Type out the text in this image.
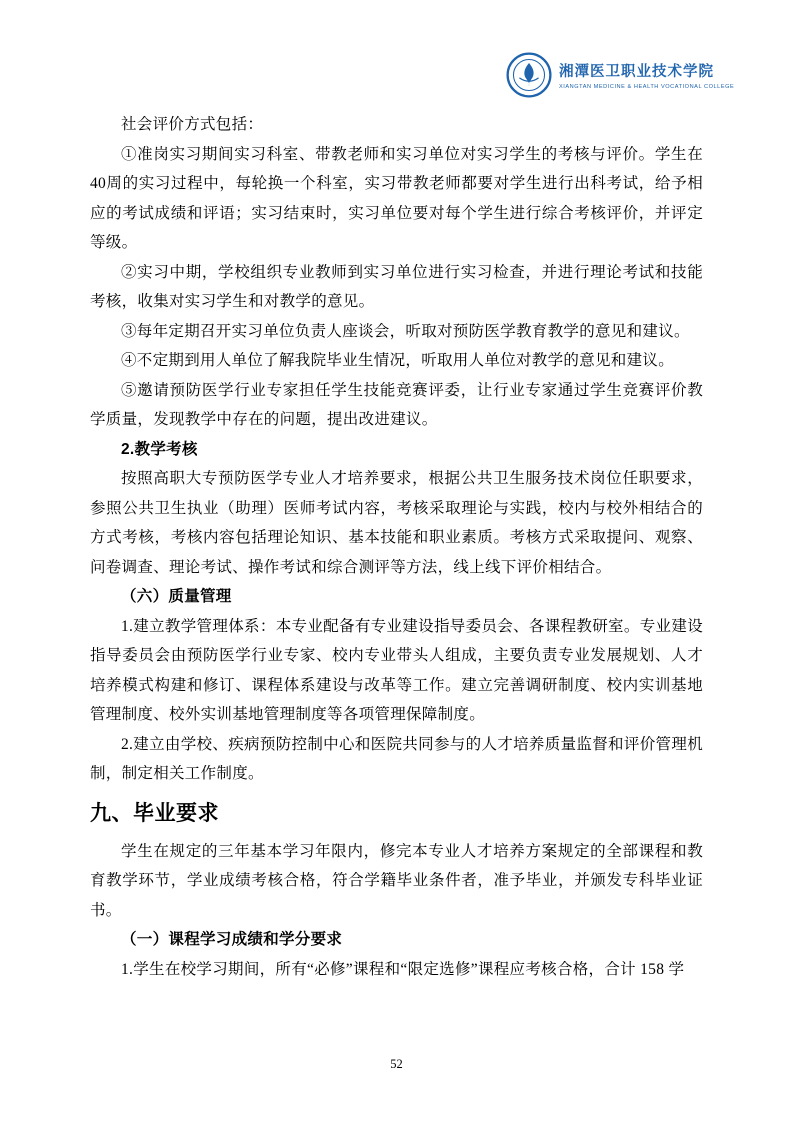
湘潭医卫职业技术学院
XIANGTAN MEDICINE & HEALTH VOCATIONAL COLLEGE

社会评价方式包括：

①准岗实习期间实习科室、带教老师和实习单位对实习学生的考核与评价。学生在40周的实习过程中，每轮换一个科室，实习带教老师都要对学生进行出科考试，给予相应的考试成绩和评语；实习结束时，实习单位要对每个学生进行综合考核评价，并评定等级。

②实习中期，学校组织专业教师到实习单位进行实习检查，并进行理论考试和技能考核，收集对实习学生和对教学的意见。

③每年定期召开实习单位负责人座谈会，听取对预防医学教育教学的意见和建议。

④不定期到用人单位了解我院毕业生情况，听取用人单位对教学的意见和建议。

⑤邀请预防医学行业专家担任学生技能竞赛评委，让行业专家通过学生竞赛评价教学质量，发现教学中存在的问题，提出改进建议。

2.教学考核

按照高职大专预防医学专业人才培养要求，根据公共卫生服务技术岗位任职要求，参照公共卫生执业（助理）医师考试内容，考核采取理论与实践，校内与校外相结合的方式考核，考核内容包括理论知识、基本技能和职业素质。考核方式采取提问、观察、问卷调查、理论考试、操作考试和综合测评等方法，线上线下评价相结合。

（六）质量管理

1.建立教学管理体系：本专业配备有专业建设指导委员会、各课程教研室。专业建设指导委员会由预防医学行业专家、校内专业带头人组成，主要负责专业发展规划、人才培养模式构建和修订、课程体系建设与改革等工作。建立完善调研制度、校内实训基地管理制度、校外实训基地管理制度等各项管理保障制度。

2.建立由学校、疾病预防控制中心和医院共同参与的人才培养质量监督和评价管理机制，制定相关工作制度。

九、毕业要求

学生在规定的三年基本学习年限内，修完本专业人才培养方案规定的全部课程和教育教学环节，学业成绩考核合格，符合学籍毕业条件者，准予毕业，并颁发专科毕业证书。

（一）课程学习成绩和学分要求

1.学生在校学习期间，所有“必修”课程和“限定选修”课程应考核合格，合计 158 学

52
